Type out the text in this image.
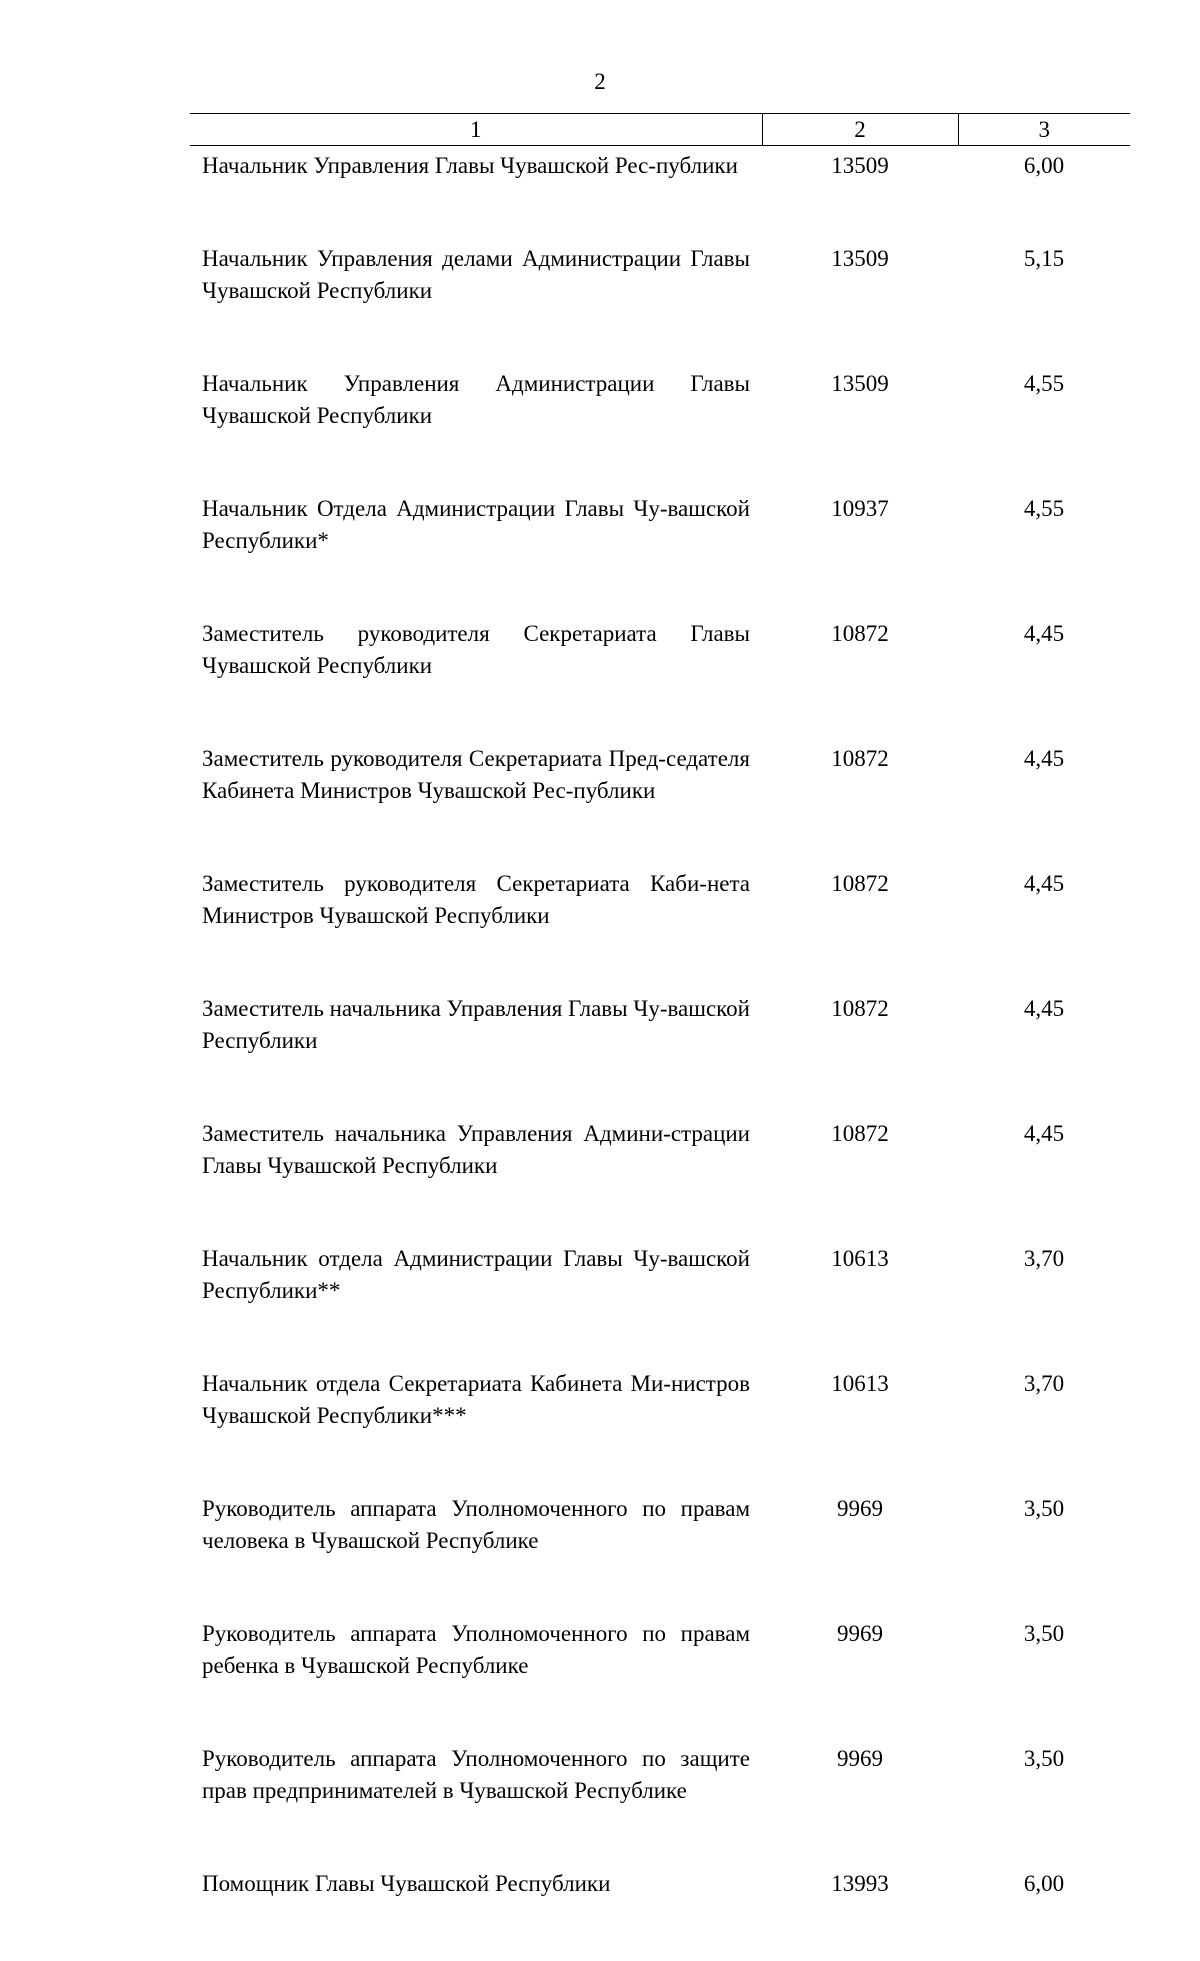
2
1	2	3
Начальник Управления Главы Чувашской Рес-публики	13509	6,00
Начальник Управления делами Администрации Главы Чувашской Республики	13509	5,15
Начальник Управления Администрации Главы Чувашской Республики	13509	4,55
Начальник Отдела Администрации Главы Чу-вашской Республики*	10937	4,55
Заместитель руководителя Секретариата Главы Чувашской Республики	10872	4,45
Заместитель руководителя Секретариата Пред-седателя Кабинета Министров Чувашской Рес-публики	10872	4,45
Заместитель руководителя Секретариата Каби-нета Министров Чувашской Республики	10872	4,45
Заместитель начальника Управления Главы Чу-вашской Республики	10872	4,45
Заместитель начальника Управления Админи-страции Главы Чувашской Республики	10872	4,45
Начальник отдела Администрации Главы Чу-вашской Республики**	10613	3,70
Начальник отдела Секретариата Кабинета Ми-нистров Чувашской Республики***	10613	3,70
Руководитель аппарата Уполномоченного по правам человека в Чувашской Республике	9969	3,50
Руководитель аппарата Уполномоченного по правам ребенка в Чувашской Республике	9969	3,50
Руководитель аппарата Уполномоченного по защите прав предпринимателей в Чувашской Республике	9969	3,50
Помощник Главы Чувашской Республики	13993	6,00
